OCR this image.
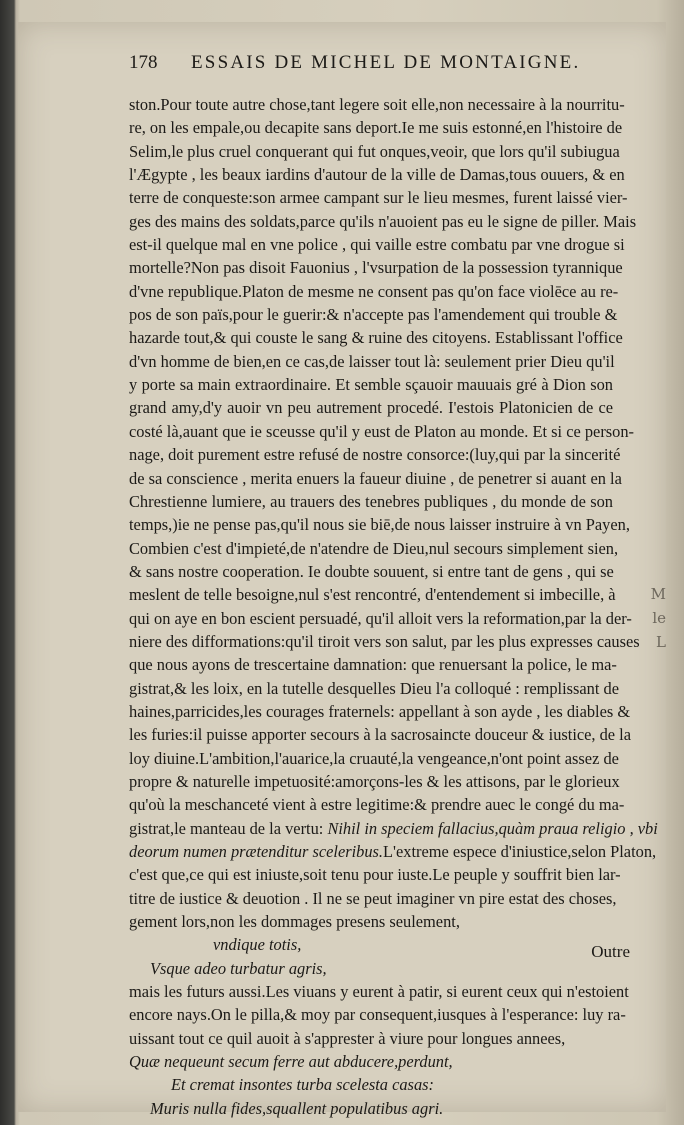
M
le
L
178 ESSAIS DE MICHEL DE MONTAIGNE.
ston.Pour toute autre chose,tant legere soit elle,non necessaire à la nourritu-
re, on les empale,ou decapite sans deport.Ie me suis estonné,en l'histoire de
Selim,le plus cruel conquerant qui fut onques,veoir, que lors qu'il subiugua
l'Ægypte , les beaux iardins d'autour de la ville de Damas,tous ouuers, & en
terre de conqueste:son armee campant sur le lieu mesmes, furent laissé vier-
ges des mains des soldats,parce qu'ils n'auoient pas eu le signe de piller. Mais
est-il quelque mal en vne police , qui vaille estre combatu par vne drogue si
mortelle?Non pas disoit Fauonius , l'vsurpation de la possession tyrannique
d'vne republique.Platon de mesme ne consent pas qu'on face violēce au re-
pos de son païs,pour le guerir:& n'accepte pas l'amendement qui trouble &
hazarde tout,& qui couste le sang & ruine des citoyens. Establissant l'office
d'vn homme de bien,en ce cas,de laisser tout là: seulement prier Dieu qu'il
y porte sa main extraordinaire. Et semble sçauoir mauuais gré à Dion son
grand amy,d'y auoir vn peu autrement procedé. I'estois Platonicien de ce
costé là,auant que ie sceusse qu'il y eust de Platon au monde. Et si ce person-
nage, doit purement estre refusé de nostre consorce:(luy,qui par la sincerité
de sa conscience , merita enuers la faueur diuine , de penetrer si auant en la
Chrestienne lumiere, au trauers des tenebres publiques , du monde de son
temps,)ie ne pense pas,qu'il nous sie biē,de nous laisser instruire à vn Payen,
Combien c'est d'impieté,de n'atendre de Dieu,nul secours simplement sien,
& sans nostre cooperation. Ie doubte souuent, si entre tant de gens , qui se
meslent de telle besoigne,nul s'est rencontré, d'entendement si imbecille, à
qui on aye en bon escient persuadé, qu'il alloit vers la reformation,par la der-
niere des difformations:qu'il tiroit vers son salut, par les plus expresses causes
que nous ayons de trescertaine damnation: que renuersant la police, le ma-
gistrat,& les loix, en la tutelle desquelles Dieu l'a colloqué : remplissant de
haines,parricides,les courages fraternels: appellant à son ayde , les diables &
les furies:il puisse apporter secours à la sacrosaincte douceur & iustice, de la
loy diuine.L'ambition,l'auarice,la cruauté,la vengeance,n'ont point assez de
propre & naturelle impetuosité:amorçons-les & les attisons, par le glorieux
qu'où la meschanceté vient à estre legitime:& prendre auec le congé du ma-
gistrat,le manteau de la vertu: Nihil in speciem fallacius,quàm praua religio , vbi
deorum numen prætenditur sceleribus.L'extreme espece d'iniustice,selon Platon,
c'est que,ce qui est iniuste,soit tenu pour iuste.Le peuple y souffrit bien lar-
titre de iustice & deuotion . Il ne se peut imaginer vn pire estat des choses,
gement lors,non les dommages presens seulement,
vndique totis,
Vsque adeo turbatur agris,
mais les futurs aussi.Les viuans y eurent à patir, si eurent ceux qui n'estoient
encore nays.On le pilla,& moy par consequent,iusques à l'esperance: luy ra-
uissant tout ce quil auoit à s'apprester à viure pour longues annees,
Quæ nequeunt secum ferre aut abducere,perdunt,
Et cremat insontes turba scelesta casas:
Muris nulla fides,squallent populatibus agri.
Outre
